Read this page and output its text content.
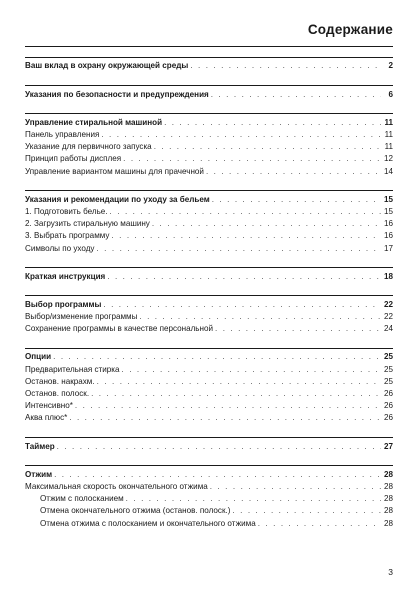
Содержание
Ваш вклад в охрану окружающей среды . . .	2
Указания по безопасности и предупреждения . . .	6
Управление стиральной машиной . . .	11
Панель управления . . .	11
Указание для первичного запуска . . .	11
Принцип работы дисплея . . .	12
Управление вариантом машины для прачечной . . .	14
Указания и рекомендации по уходу за бельем . . .	15
1. Подготовить белье. . . .	15
2. Загрузить стиральную машину . . .	16
3. Выбрать программу . . .	16
Символы по уходу . . .	17
Краткая инструкция . . .	18
Выбор программы . . .	22
Выбор/изменение программы . . .	22
Сохранение программы в качестве персональной . . .	24
Опции . . .	25
Предварительная стирка . . .	25
Останов. накрахм. . . .	25
Останов. полоск. . . .	26
Интенсивно* . . .	26
Аква плюс* . . .	26
Таймер . . .	27
Отжим . . .	28
Максимальная скорость окончательного отжима . . .	28
Отжим с полосканием . . .	28
Отмена окончательного отжима (останов. полоск.) . . .	28
Отмена отжима с полосканием и окончательного отжима . . .	28
3
